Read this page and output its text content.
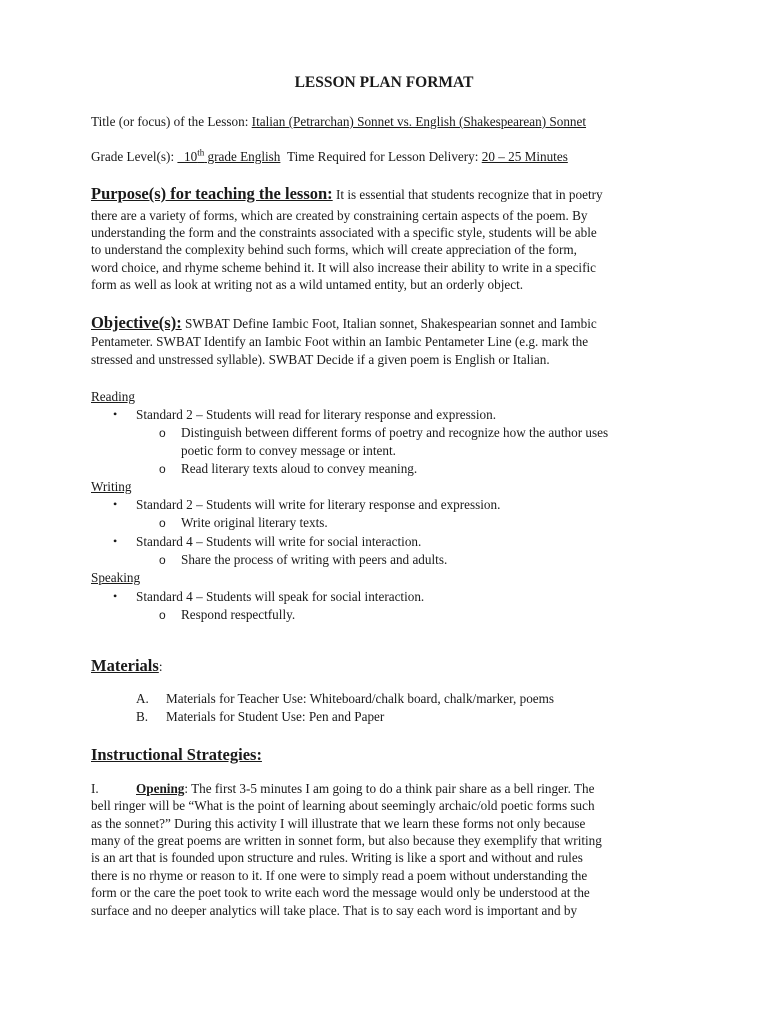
LESSON PLAN FORMAT
Title (or focus) of the Lesson: Italian (Petrarchan) Sonnet vs. English (Shakespearean) Sonnet
Grade Level(s): 10th grade English Time Required for Lesson Delivery: 20 – 25 Minutes
Purpose(s) for teaching the lesson: It is essential that students recognize that in poetry
there are a variety of forms, which are created by constraining certain aspects of the poem. By
understanding the form and the constraints associated with a specific style, students will be able
to understand the complexity behind such forms, which will create appreciation of the form,
word choice, and rhyme scheme behind it. It will also increase their ability to write in a specific
form as well as look at writing not as a wild untamed entity, but an orderly object.
Objective(s): SWBAT Define Iambic Foot, Italian sonnet, Shakespearian sonnet and Iambic
Pentameter. SWBAT Identify an Iambic Foot within an Iambic Pentameter Line (e.g. mark the
stressed and unstressed syllable). SWBAT Decide if a given poem is English or Italian.
Reading
• Standard 2 – Students will read for literary response and expression.
o Distinguish between different forms of poetry and recognize how the author uses
poetic form to convey message or intent.
o Read literary texts aloud to convey meaning.
Writing
• Standard 2 – Students will write for literary response and expression.
o Write original literary texts.
• Standard 4 – Students will write for social interaction.
o Share the process of writing with peers and adults.
Speaking
• Standard 4 – Students will speak for social interaction.
o Respond respectfully.
Materials:
A. Materials for Teacher Use: Whiteboard/chalk board, chalk/marker, poems
B. Materials for Student Use: Pen and Paper
Instructional Strategies:
I.	Opening: The first 3-5 minutes I am going to do a think pair share as a bell ringer. The
bell ringer will be “What is the point of learning about seemingly archaic/old poetic forms such
as the sonnet?” During this activity I will illustrate that we learn these forms not only because
many of the great poems are written in sonnet form, but also because they exemplify that writing
is an art that is founded upon structure and rules. Writing is like a sport and without and rules
there is no rhyme or reason to it. If one were to simply read a poem without understanding the
form or the care the poet took to write each word the message would only be understood at the
surface and no deeper analytics will take place. That is to say each word is important and by
